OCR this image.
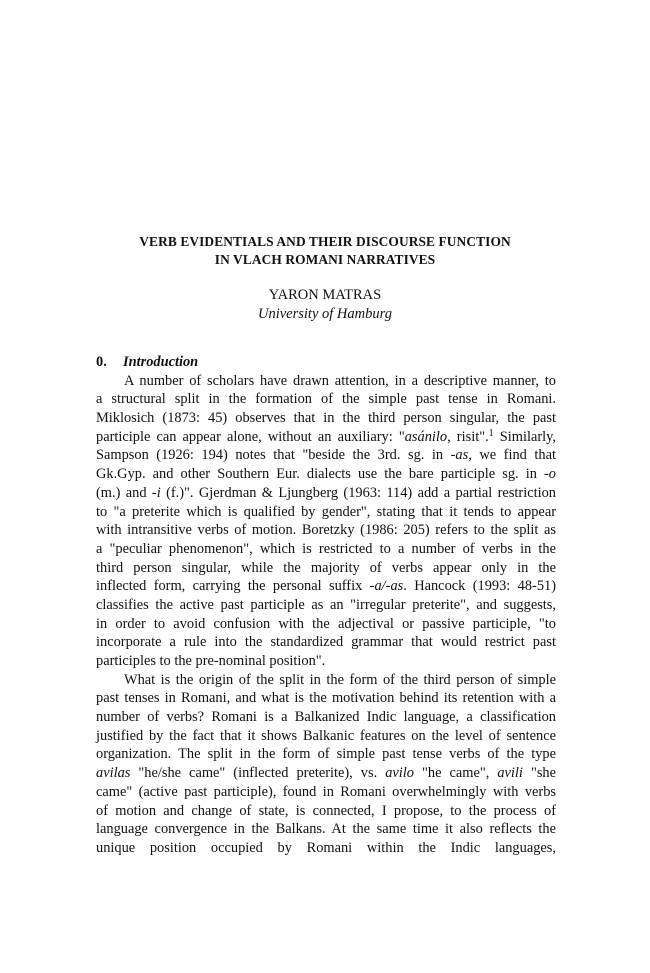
VERB EVIDENTIALS AND THEIR DISCOURSE FUNCTION
IN VLACH ROMANI NARRATIVES
YARON MATRAS
University of Hamburg
0. Introduction
A number of scholars have drawn attention, in a descriptive manner, to
a structural split in the formation of the simple past tense in Romani.
Miklosich (1873: 45) observes that in the third person singular, the past
participle can appear alone, without an auxiliary: "asánilo, risit".$^1$ Similarly,
Sampson (1926: 194) notes that "beside the 3rd. sg. in -as, we find that
Gk.Gyp. and other Southern Eur. dialects use the bare participle sg. in -o
(m.) and -i (f.)". Gjerdman & Ljungberg (1963: 114) add a partial restriction
to "a preterite which is qualified by gender", stating that it tends to appear
with intransitive verbs of motion. Boretzky (1986: 205) refers to the split as
a "peculiar phenomenon", which is restricted to a number of verbs in the
third person singular, while the majority of verbs appear only in the
inflected form, carrying the personal suffix -a/-as. Hancock (1993: 48-51)
classifies the active past participle as an "irregular preterite", and suggests,
in order to avoid confusion with the adjectival or passive participle, "to
incorporate a rule into the standardized grammar that would restrict past
participles to the pre-nominal position".
What is the origin of the split in the form of the third person of simple
past tenses in Romani, and what is the motivation behind its retention with a
number of verbs? Romani is a Balkanized Indic language, a classification
justified by the fact that it shows Balkanic features on the level of sentence
organization. The split in the form of simple past tense verbs of the type
avilas "he/she came" (inflected preterite), vs. avilo "he came", avili "she
came" (active past participle), found in Romani overwhelmingly with verbs
of motion and change of state, is connected, I propose, to the process of
language convergence in the Balkans. At the same time it also reflects the
unique position occupied by Romani within the Indic languages,
